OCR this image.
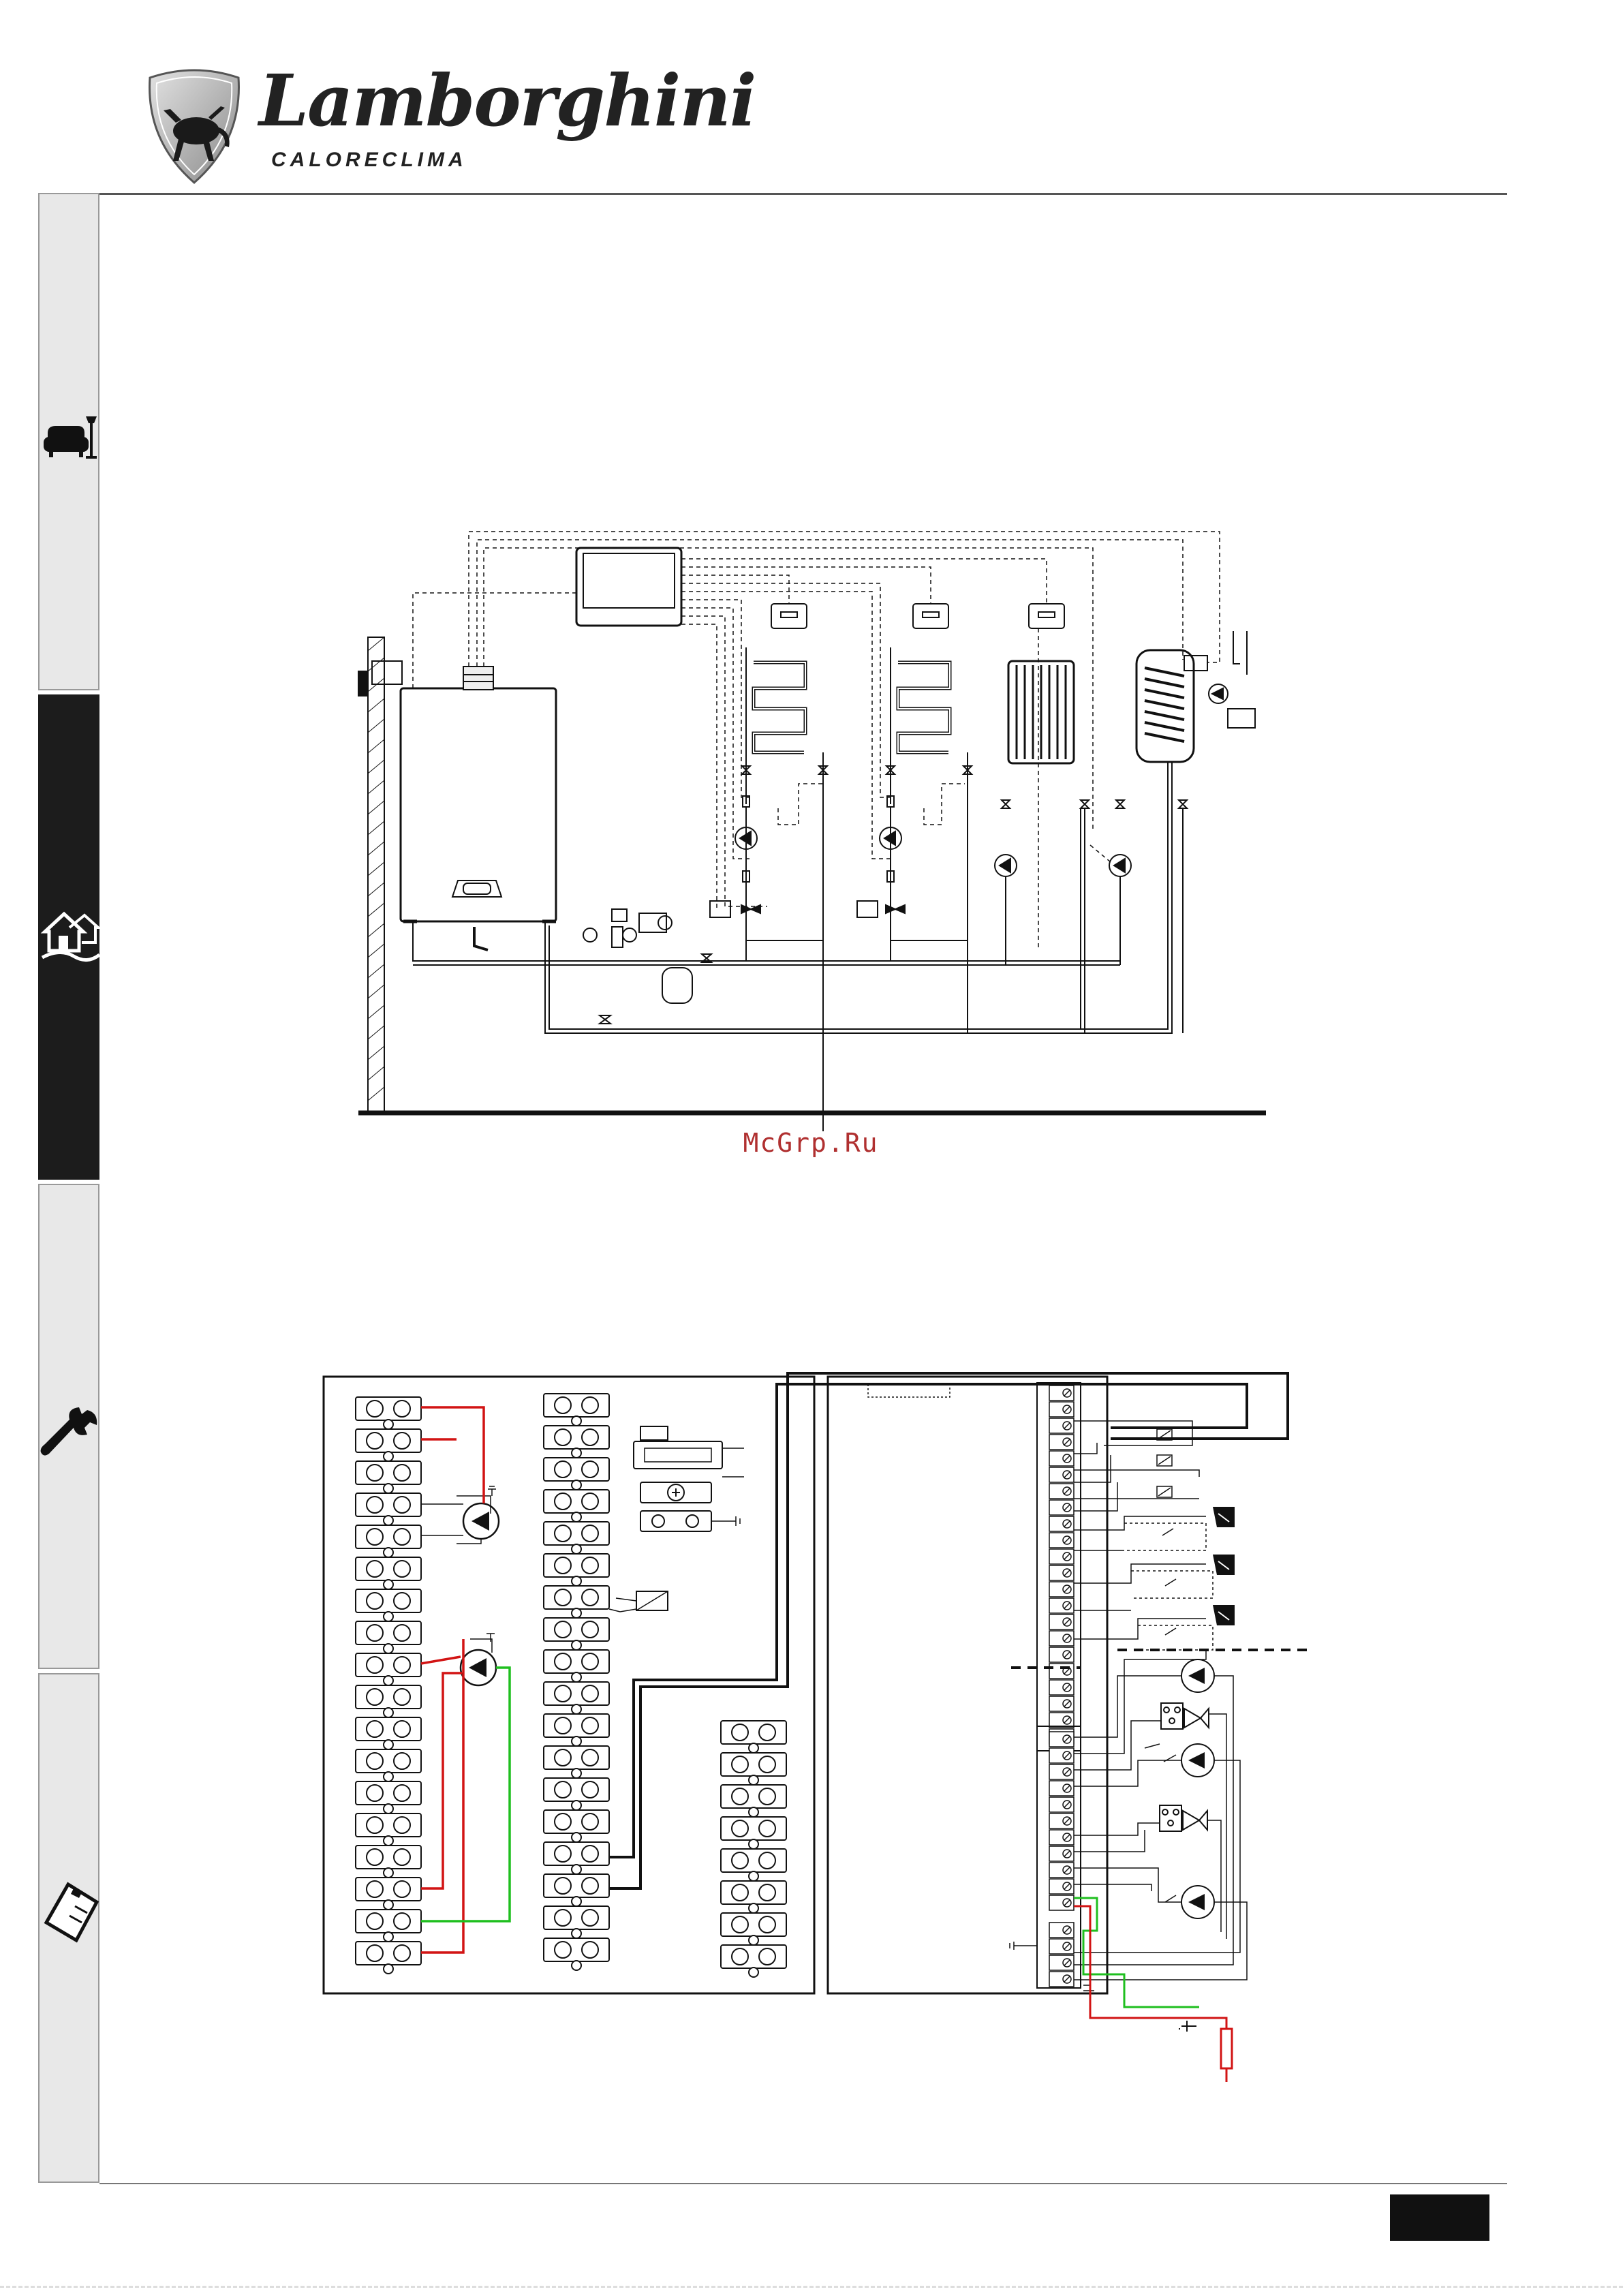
Lamborghini
CALORECLIMA
McGrp.Ru
